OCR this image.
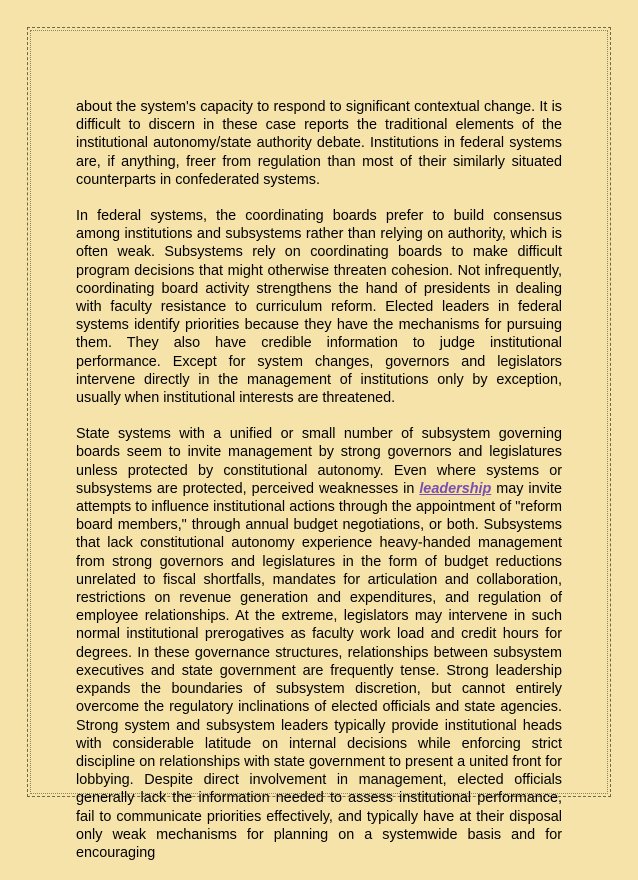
about the system's capacity to respond to significant contextual change. It is difficult to discern in these case reports the traditional elements of the institutional autonomy/state authority debate. Institutions in federal systems are, if anything, freer from regulation than most of their similarly situated counterparts in confederated systems.

In federal systems, the coordinating boards prefer to build consensus among institutions and subsystems rather than relying on authority, which is often weak. Subsystems rely on coordinating boards to make difficult program decisions that might otherwise threaten cohesion. Not infrequently, coordinating board activity strengthens the hand of presidents in dealing with faculty resistance to curriculum reform. Elected leaders in federal systems identify priorities because they have the mechanisms for pursuing them. They also have credible information to judge institutional performance. Except for system changes, governors and legislators intervene directly in the management of institutions only by exception, usually when institutional interests are threatened.

State systems with a unified or small number of subsystem governing boards seem to invite management by strong governors and legislatures unless protected by constitutional autonomy. Even where systems or subsystems are protected, perceived weaknesses in leadership may invite attempts to influence institutional actions through the appointment of "reform board members," through annual budget negotiations, or both. Subsystems that lack constitutional autonomy experience heavy-handed management from strong governors and legislatures in the form of budget reductions unrelated to fiscal shortfalls, mandates for articulation and collaboration, restrictions on revenue generation and expenditures, and regulation of employee relationships. At the extreme, legislators may intervene in such normal institutional prerogatives as faculty work load and credit hours for degrees. In these governance structures, relationships between subsystem executives and state government are frequently tense. Strong leadership expands the boundaries of subsystem discretion, but cannot entirely overcome the regulatory inclinations of elected officials and state agencies. Strong system and subsystem leaders typically provide institutional heads with considerable latitude on internal decisions while enforcing strict discipline on relationships with state government to present a united front for lobbying. Despite direct involvement in management, elected officials generally lack the information needed to assess institutional performance, fail to communicate priorities effectively, and typically have at their disposal only weak mechanisms for planning on a systemwide basis and for encouraging
